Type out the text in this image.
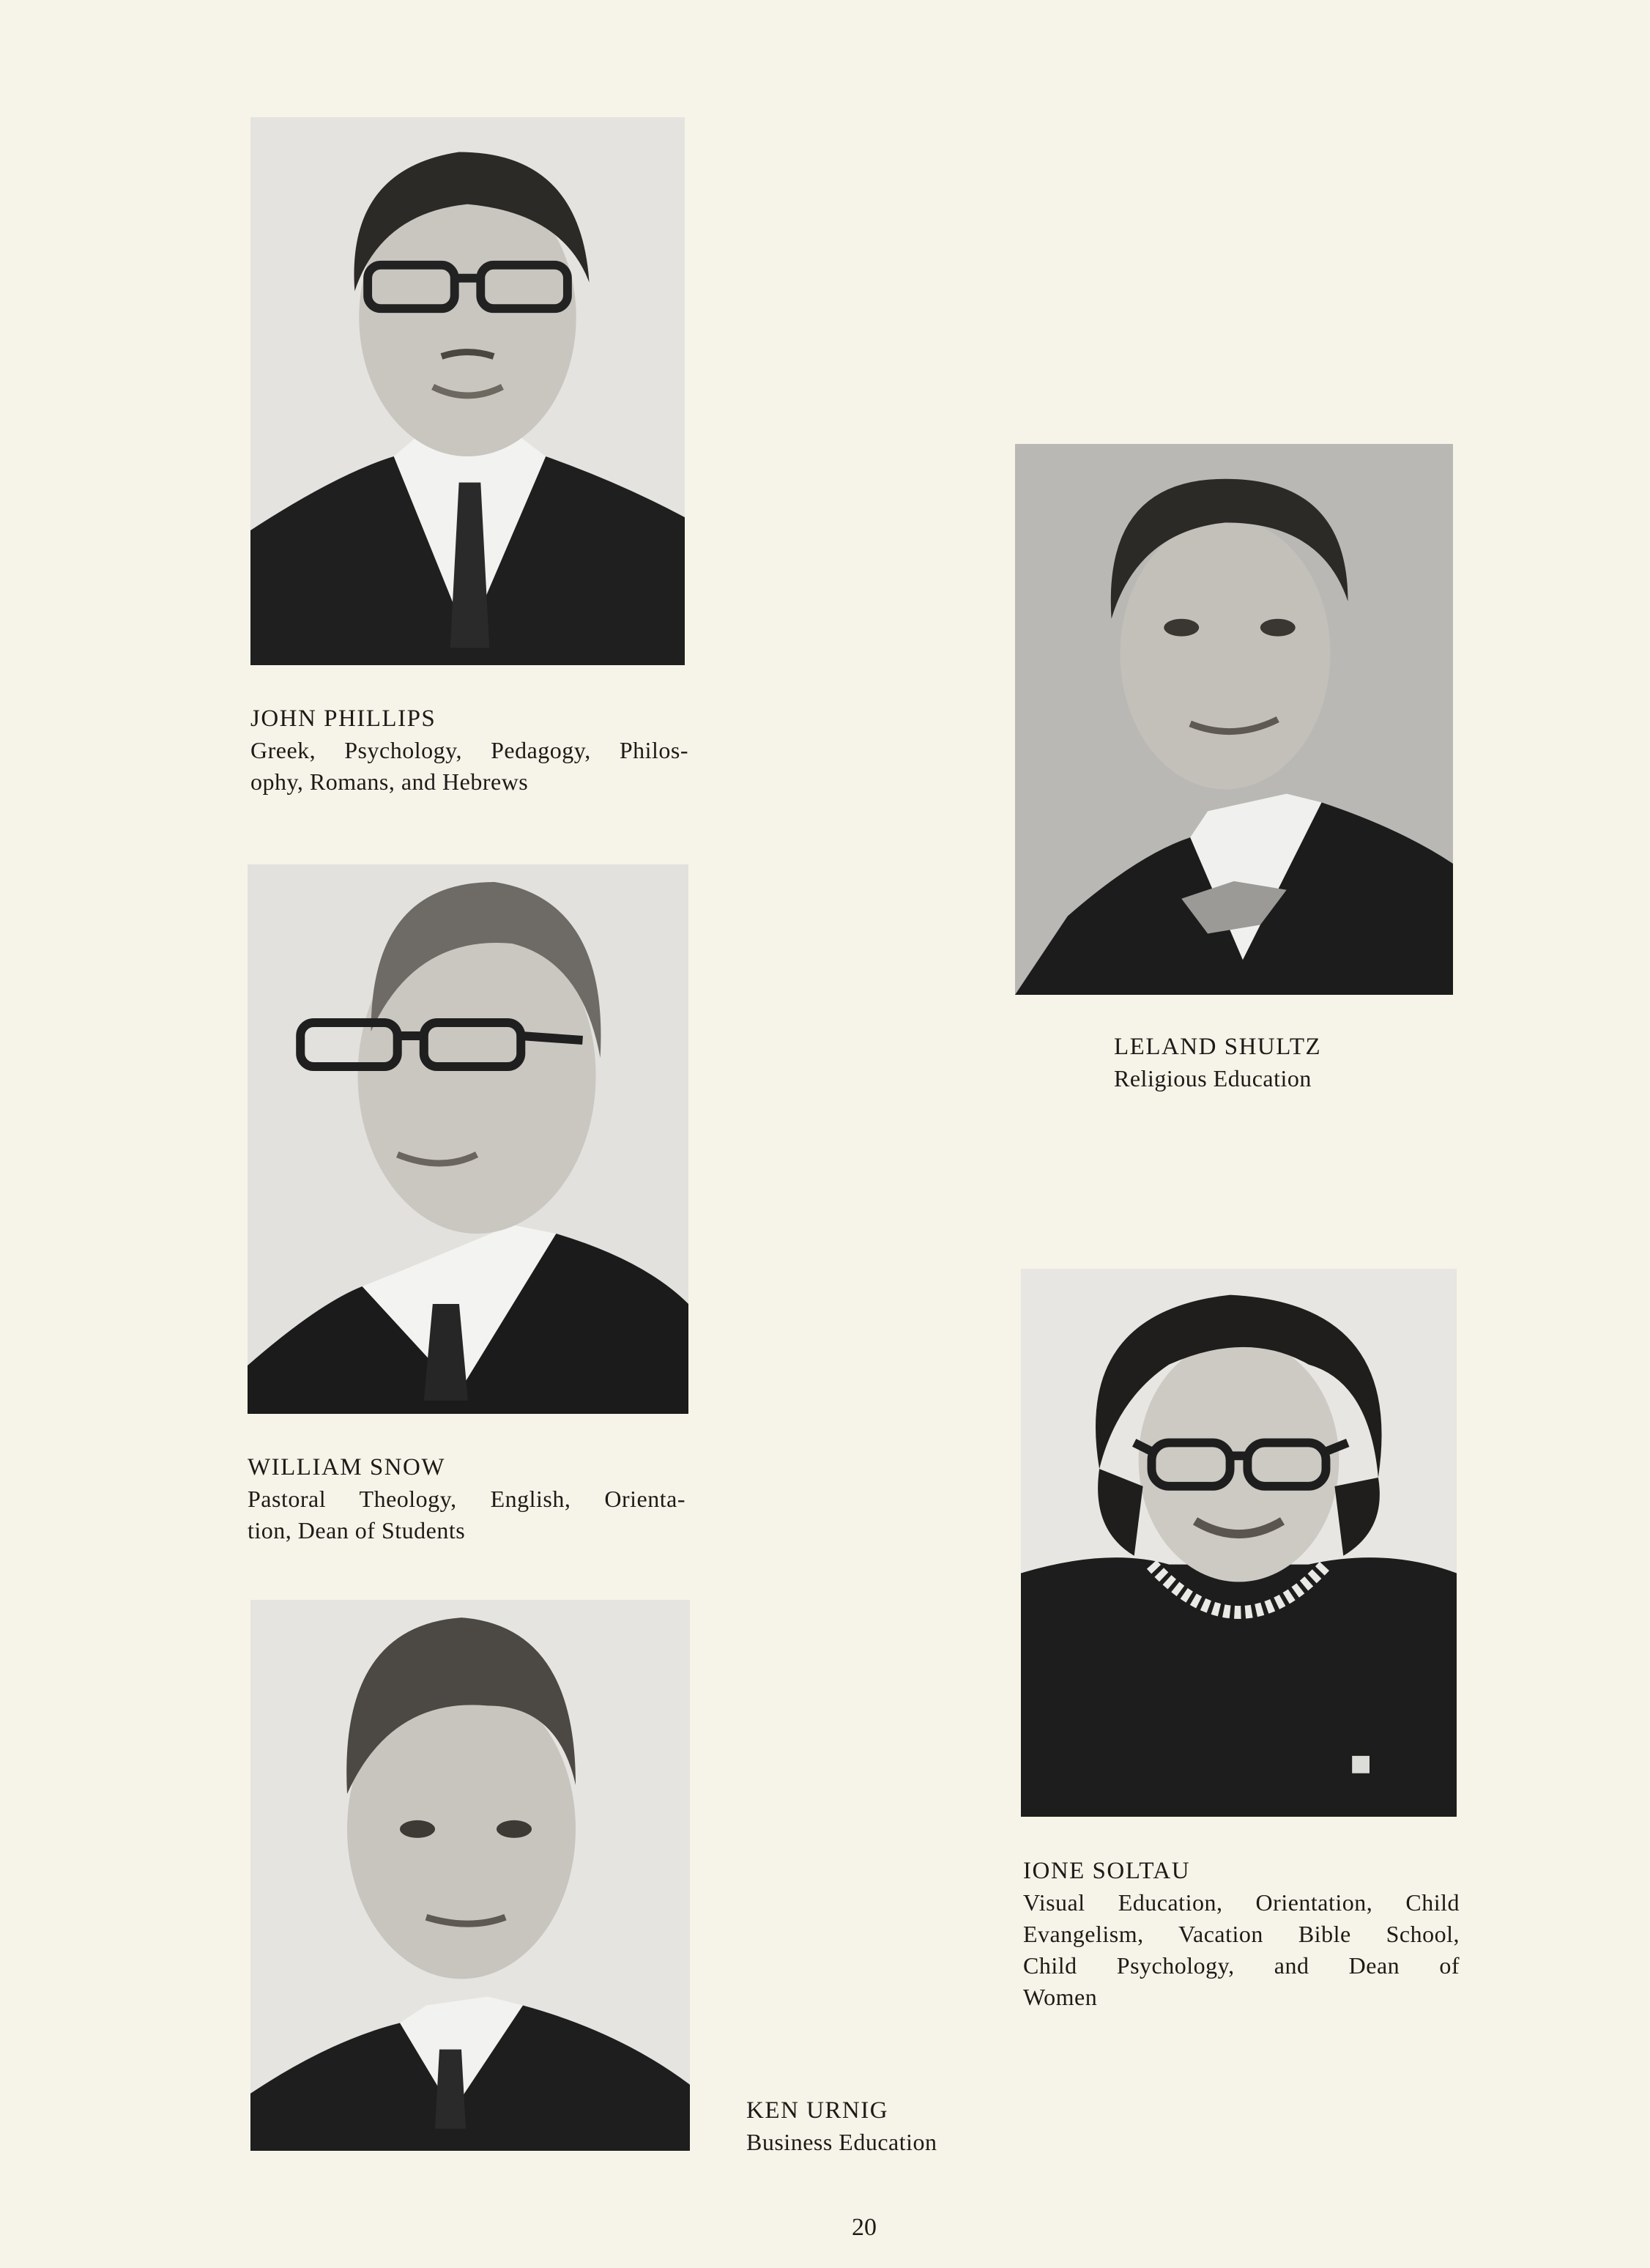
JOHN PHILLIPS
Greek, Psychology, Pedagogy, Philos-
ophy, Romans, and Hebrews
LELAND SHULTZ
Religious Education
WILLIAM SNOW
Pastoral Theology, English, Orienta-
tion, Dean of Students
IONE SOLTAU
Visual Education, Orientation, Child
Evangelism, Vacation Bible School,
Child Psychology, and Dean of
Women
KEN URNIG
Business Education
20
